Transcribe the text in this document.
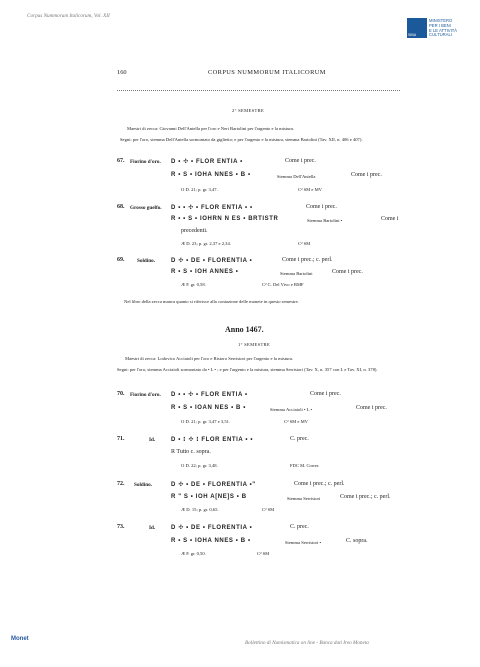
Corpus Nummorum Italicorum, Vol. XII
SIBA
MINISTERO
PER I BENI
E LE ATTIVITÀ
CULTURALI
160	CORPUS NUMMORUM ITALICORUM
2° SEMESTRE
Maestri di zecca: Giovanni Dell'Antella per l'oro e Neri Bartolini per l'argento e la mistura.
Segni: per l'oro, stemma Dell'Antella sormontato da giglietto; e per l'argento e la mistura, stemma Bartolini (Tav. XII, n. 406 e 407).
67. Fiorino d'oro. D • ✣ • FLOR ENTIA •	Come i prec.
R • S • IOHA NNES • B •	Stemma Dell'Antella	Come i prec.
O D. 21; p. gr. 3,47.	C² SM e MV
68. Grosso guelfo. D • • ✣ • FLOR ENTIA • •	Come i prec.
R • • S • IOHRN N ES • BRTISTR	Stemma Bartolini •	Come i
precedenti.
Æ D. 23; p. gr. 2,37 e 2,34.	C² SM
69. Soldino.	D ✣ • DE • FLORENTIA •	Come i prec.; c. perl.
R • S • IOH ANNES •	Stemma Bartolini	Come i prec.
Æ F. gr. 0,58.	C² C. Del Vivo e BMF
Nel libro della zecca manca quanto si riferisce alla coniazione delle monete in questo semestre.
Anno 1467.
1° SEMESTRE
Maestri di zecca: Lodovico Acciaioli per l'oro e Ristoro Serristori per l'argento e la mistura.
Segni: per l'oro, stemma Acciaioli sormontato da • L • ; e per l'argento e la mistura, stemma Serristori (Tav. X, n. 357 con L e Tav. XI, n. 378).
70. Fiorino d'oro. D • • ✣ • FLOR ENTIA •	Come i prec.
R • S • IOAN NES • B •	Stemma Acciaioli • L •	Come i prec.
O D. 21; p. gr. 3,47 e 3,51.	C² SM e MV
71.	Id.	D • ⁝ ✣ ⁝ FLOR ENTIA • •	C. prec.
R Tutto c. sopra.
O D. 22; p. gr. 3,48.	FDC M. Correr.
72. Soldino.	D ✣ • DE • FLORENTIA •"	Come i prec.; c. perl.
R " S • IOH A[NE]S • B	Stemma Serristori	Come i prec.; c. perl.
Æ D. 15; p. gr. 0,65.	C² SM
73.	Id.	D ✣ • DE • FLORENTIA •	C. prec.
R • S • IOHA NNES • B •	Stemma Serristori •	C. sopra.
Æ F. gr. 0,50.	C² SM
Monet
Bollettino di Numismatica on line - Banca dati Ireo Moneta
